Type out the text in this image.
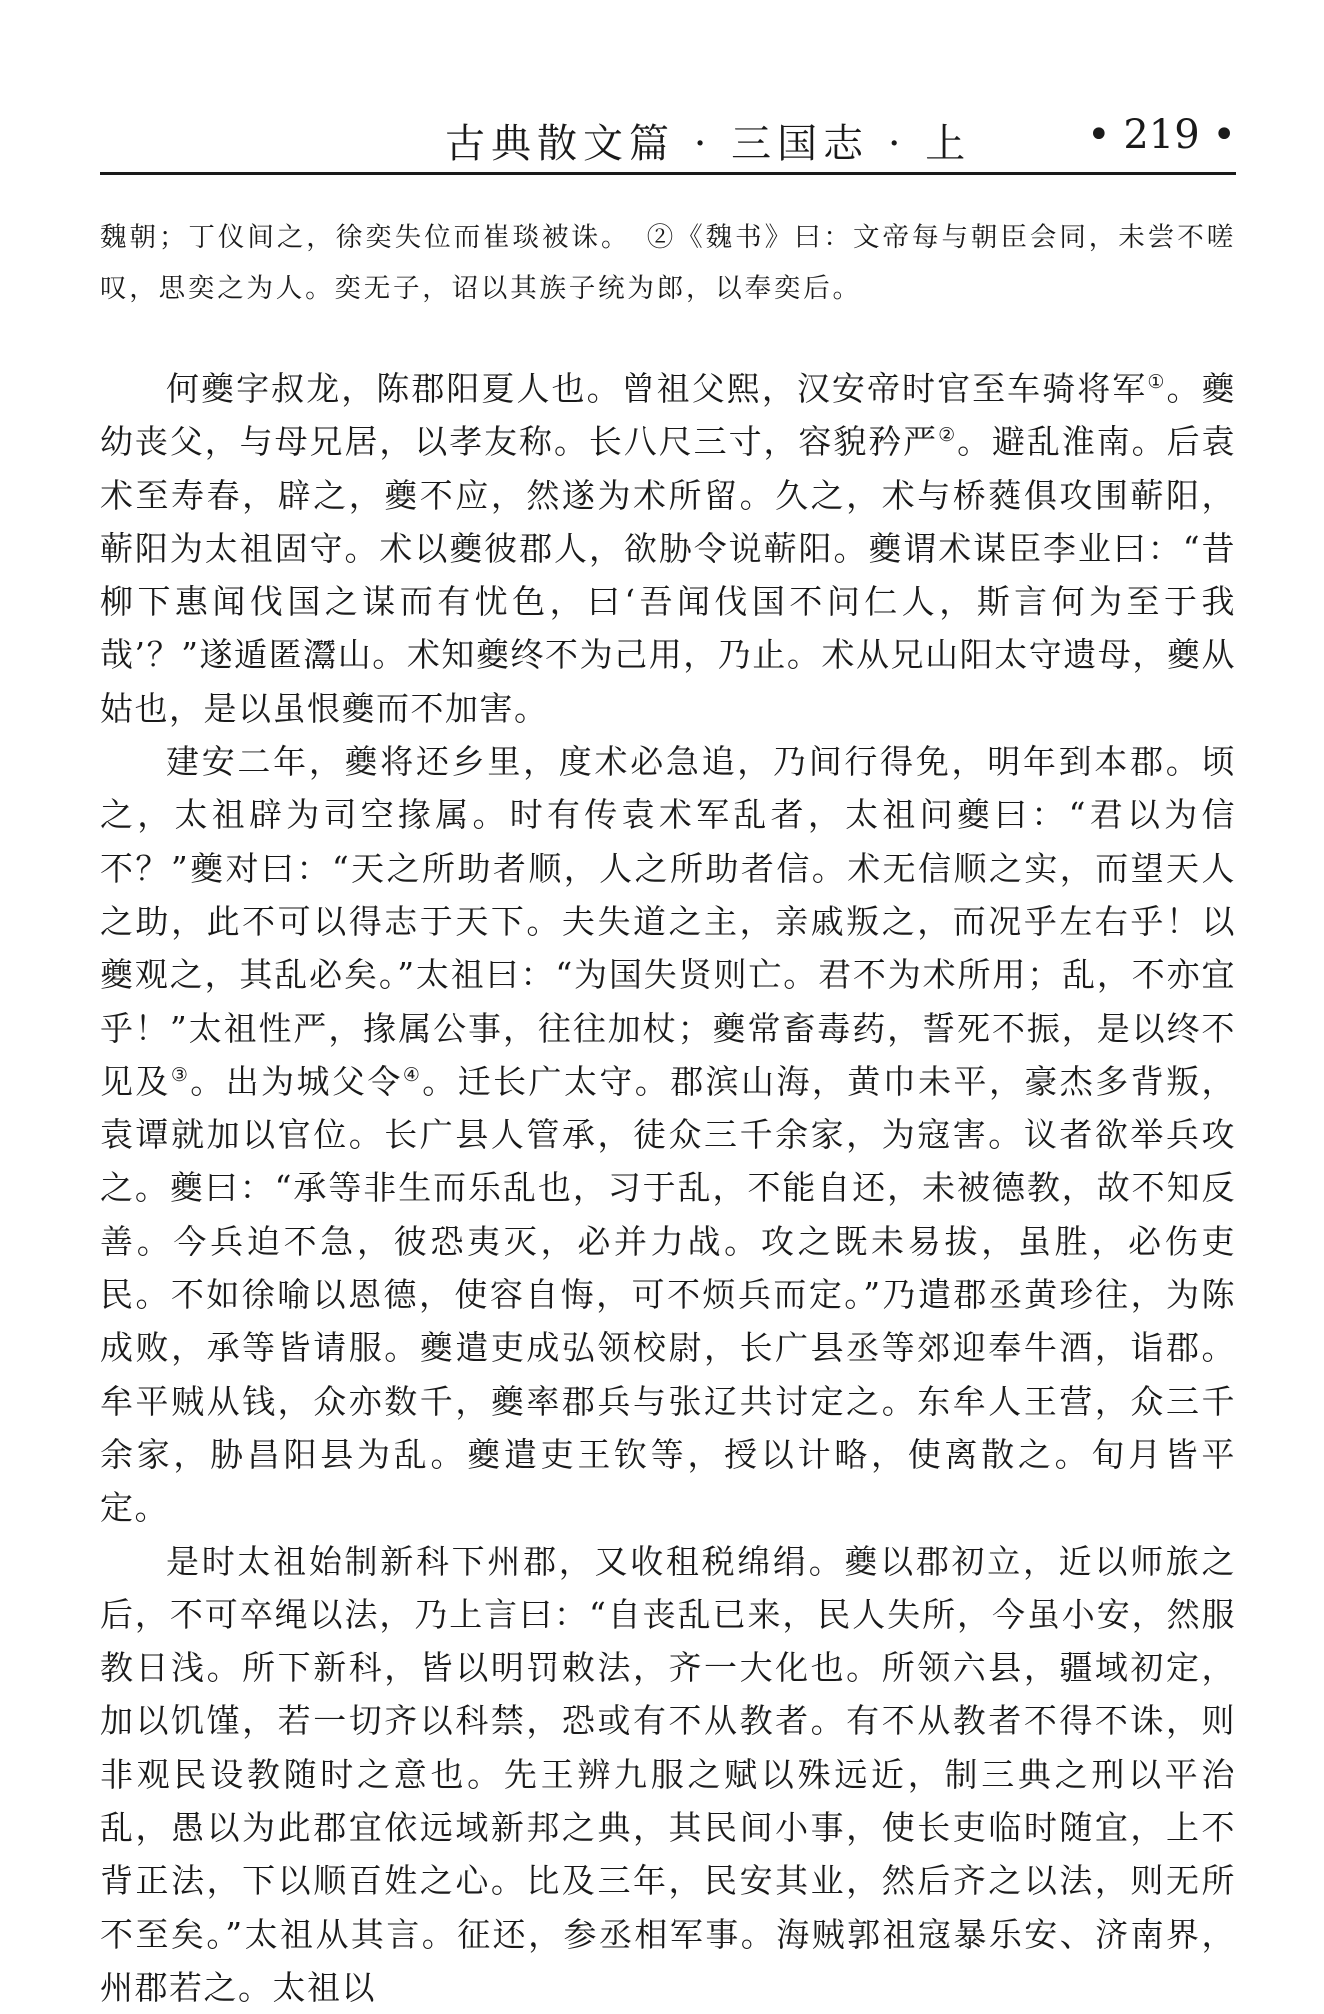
古典散文篇 · 三国志 · 上	• 219 •

魏朝；丁仪间之，徐奕失位而崔琰被诛。　②《魏书》曰：文帝每与朝臣会同，未尝不嗟叹，思奕之为人。奕无子，诏以其族子统为郎，以奉奕后。

何夔字叔龙，陈郡阳夏人也。曾祖父熙，汉安帝时官至车骑将军①。夔幼丧父，与母兄居，以孝友称。长八尺三寸，容貌矜严②。避乱淮南。后袁术至寿春，辟之，夔不应，然遂为术所留。久之，术与桥蕤俱攻围蕲阳，蕲阳为太祖固守。术以夔彼郡人，欲胁令说蕲阳。夔谓术谋臣李业曰：“昔柳下惠闻伐国之谋而有忧色，曰‘吾闻伐国不问仁人，斯言何为至于我哉’？”遂遁匿灊山。术知夔终不为己用，乃止。术从兄山阳太守遗母，夔从姑也，是以虽恨夔而不加害。

建安二年，夔将还乡里，度术必急追，乃间行得免，明年到本郡。顷之，太祖辟为司空掾属。时有传袁术军乱者，太祖问夔曰：“君以为信不？”夔对曰：“天之所助者顺，人之所助者信。术无信顺之实，而望天人之助，此不可以得志于天下。夫失道之主，亲戚叛之，而况乎左右乎！以夔观之，其乱必矣。”太祖曰：“为国失贤则亡。君不为术所用；乱，不亦宜乎！”太祖性严，掾属公事，往往加杖；夔常畜毒药，誓死不振，是以终不见及③。出为城父令④。迁长广太守。郡滨山海，黄巾未平，豪杰多背叛，袁谭就加以官位。长广县人管承，徒众三千余家，为寇害。议者欲举兵攻之。夔曰：“承等非生而乐乱也，习于乱，不能自还，未被德教，故不知反善。今兵迫不急，彼恐夷灭，必并力战。攻之既未易拔，虽胜，必伤吏民。不如徐喻以恩德，使容自悔，可不烦兵而定。”乃遣郡丞黄珍往，为陈成败，承等皆请服。夔遣吏成弘领校尉，长广县丞等郊迎奉牛酒，诣郡。牟平贼从钱，众亦数千，夔率郡兵与张辽共讨定之。东牟人王营，众三千余家，胁昌阳县为乱。夔遣吏王钦等，授以计略，使离散之。旬月皆平定。

是时太祖始制新科下州郡，又收租税绵绢。夔以郡初立，近以师旅之后，不可卒绳以法，乃上言曰：“自丧乱已来，民人失所，今虽小安，然服教日浅。所下新科，皆以明罚敕法，齐一大化也。所领六县，疆域初定，加以饥馑，若一切齐以科禁，恐或有不从教者。有不从教者不得不诛，则非观民设教随时之意也。先王辨九服之赋以殊远近，制三典之刑以平治乱，愚以为此郡宜依远域新邦之典，其民间小事，使长吏临时随宜，上不背正法，下以顺百姓之心。比及三年，民安其业，然后齐之以法，则无所不至矣。”太祖从其言。征还，参丞相军事。海贼郭祖寇暴乐安、济南界，州郡若之。太祖以
